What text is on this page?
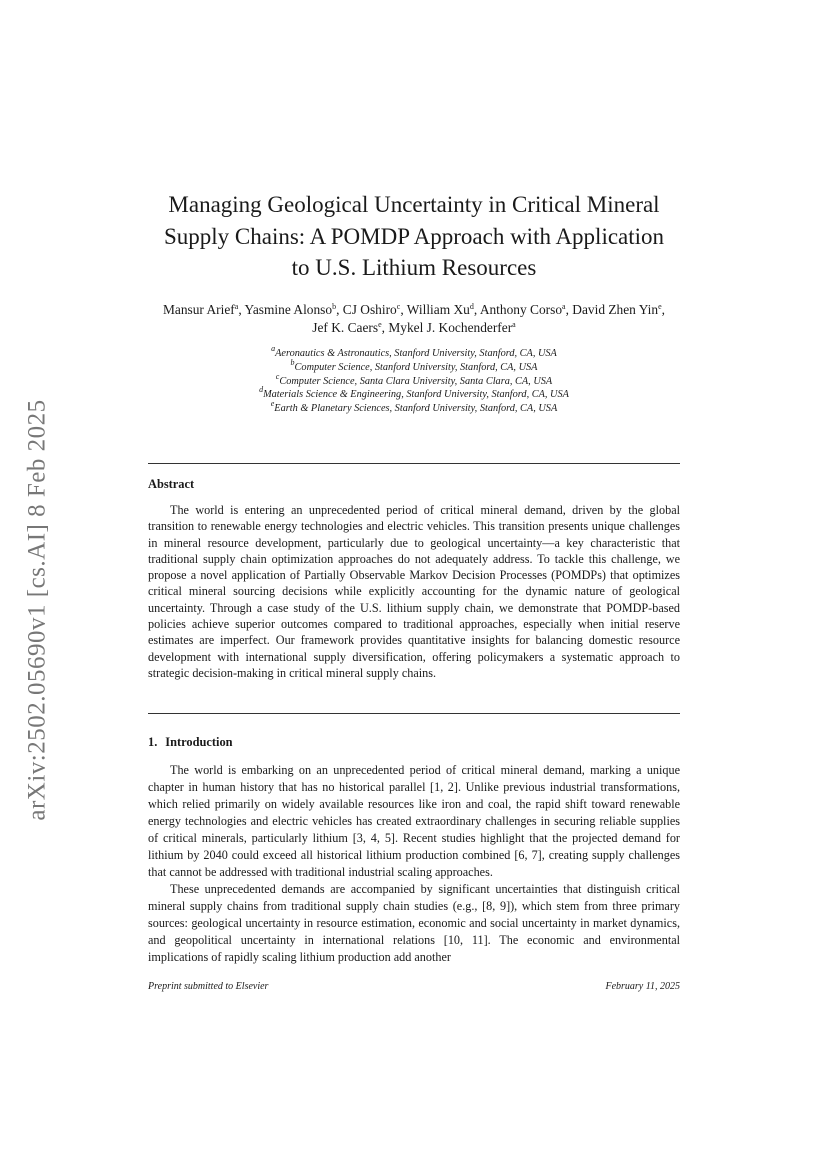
arXiv:2502.05690v1 [cs.AI] 8 Feb 2025
Managing Geological Uncertainty in Critical Mineral
Supply Chains: A POMDP Approach with Application
to U.S. Lithium Resources
Mansur Arief$^a$, Yasmine Alonso$^b$, CJ Oshiro$^c$, William Xu$^d$, Anthony Corso$^a$, David Zhen Yin$^e$,
Jef K. Caers$^e$, Mykel J. Kochenderfer$^a$
$^a$Aeronautics & Astronautics, Stanford University, Stanford, CA, USA
$^b$Computer Science, Stanford University, Stanford, CA, USA
$^c$Computer Science, Santa Clara University, Santa Clara, CA, USA
$^d$Materials Science & Engineering, Stanford University, Stanford, CA, USA
$^e$Earth & Planetary Sciences, Stanford University, Stanford, CA, USA
Abstract

The world is entering an unprecedented period of critical mineral demand, driven by the global transition to renewable energy technologies and electric vehicles. This transition presents unique challenges in mineral resource development, particularly due to geological uncertainty—a key characteristic that traditional supply chain optimization approaches do not adequately address. To tackle this challenge, we propose a novel application of Partially Observable Markov Decision Processes (POMDPs) that optimizes critical mineral sourcing decisions while explicitly accounting for the dynamic nature of geological uncertainty. Through a case study of the U.S. lithium supply chain, we demonstrate that POMDP-based policies achieve superior outcomes compared to traditional approaches, especially when initial reserve estimates are imperfect. Our framework provides quantitative insights for balancing domestic resource development with international supply diversification, offering policymakers a systematic approach to strategic decision-making in critical mineral supply chains.

1. Introduction

The world is embarking on an unprecedented period of critical mineral demand, marking a unique chapter in human history that has no historical parallel [1, 2]. Unlike previous industrial transformations, which relied primarily on widely available resources like iron and coal, the rapid shift toward renewable energy technologies and electric vehicles has created extraordinary challenges in securing reliable supplies of critical minerals, particularly lithium [3, 4, 5]. Recent studies highlight that the projected demand for lithium by 2040 could exceed all historical lithium production combined [6, 7], creating supply challenges that cannot be addressed with traditional industrial scaling approaches.

These unprecedented demands are accompanied by significant uncertainties that distinguish critical mineral supply chains from traditional supply chain studies (e.g., [8, 9]), which stem from three primary sources: geological uncertainty in resource estimation, economic and social uncertainty in market dynamics, and geopolitical uncertainty in international relations [10, 11]. The economic and environmental implications of rapidly scaling lithium production add another

Preprint submitted to Elsevier	February 11, 2025
